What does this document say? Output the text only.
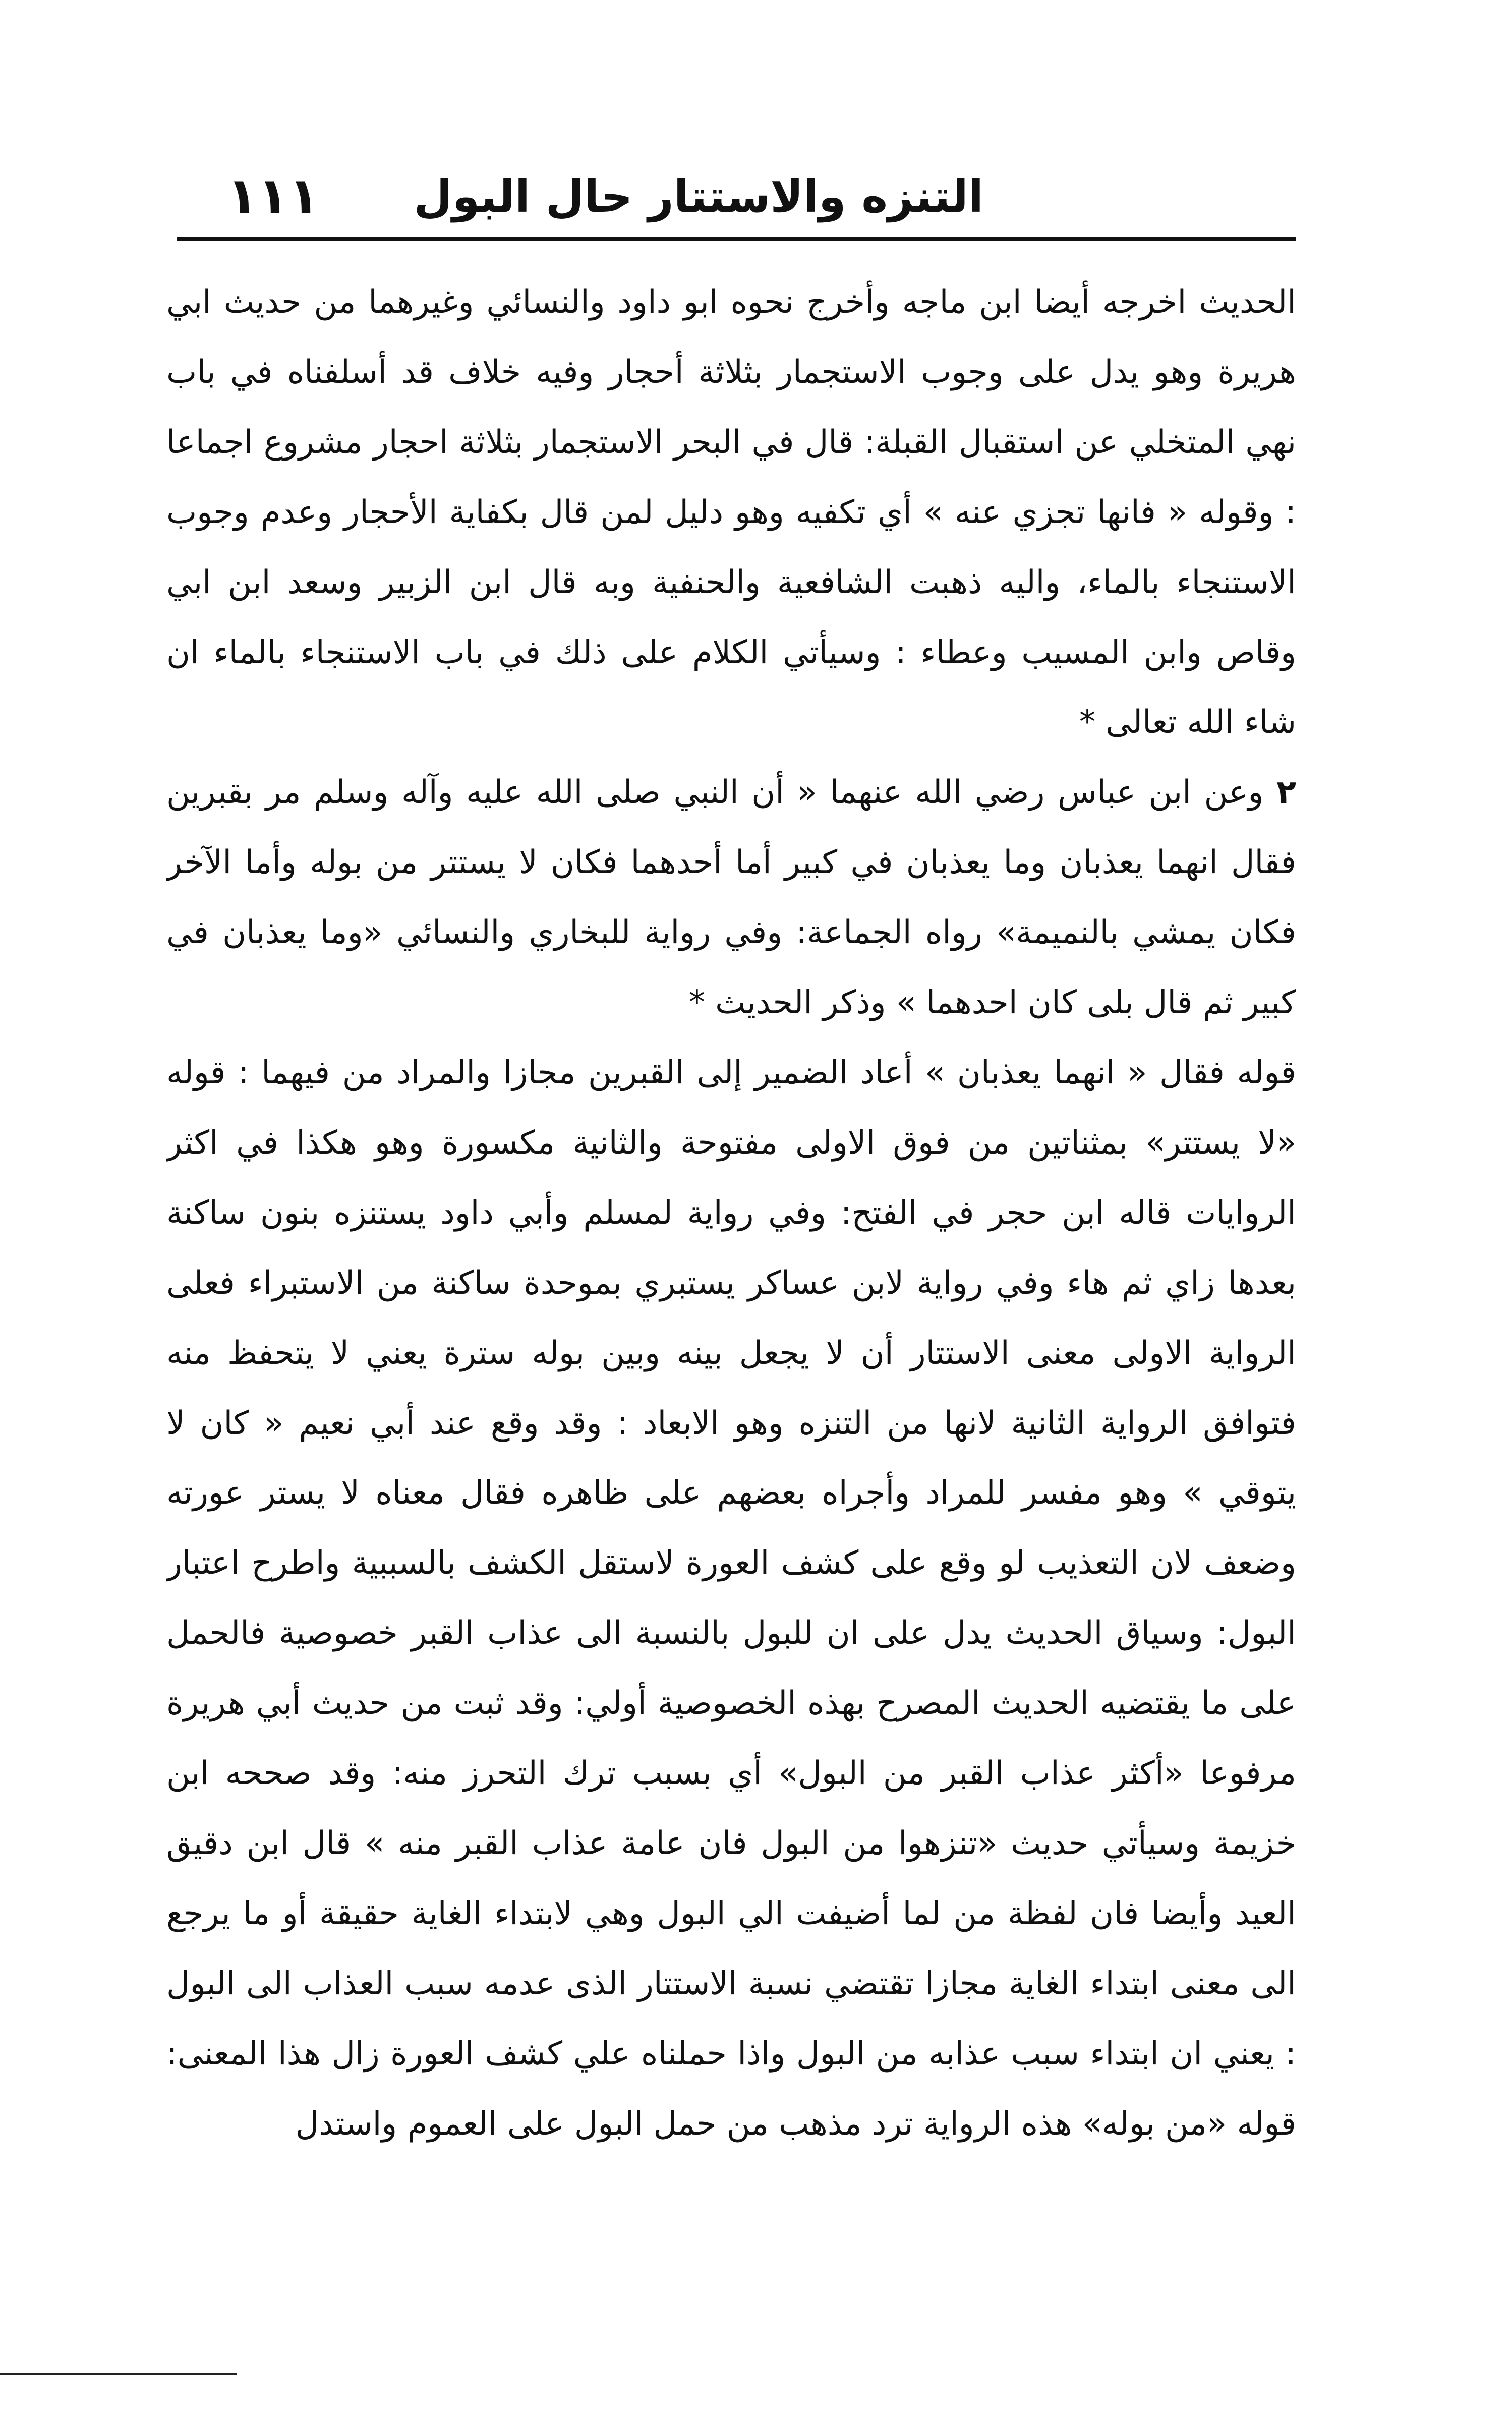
التنزه والاستتار حال البول
١١١

الحديث اخرجه أيضا ابن ماجه وأخرج نحوه ابو داود والنسائي وغيرهما من حديث ابي هريرة وهو يدل على وجوب الاستجمار بثلاثة أحجار وفيه خلاف قد أسلفناه في باب نهي المتخلي عن استقبال القبلة: قال في البحر الاستجمار بثلاثة احجار مشروع اجماعا : وقوله « فانها تجزي عنه » أي تكفيه وهو دليل لمن قال بكفاية الأحجار وعدم وجوب الاستنجاء بالماء، واليه ذهبت الشافعية والحنفية وبه قال ابن الزبير وسعد ابن ابي وقاص وابن المسيب وعطاء : وسيأتي الكلام على ذلك في باب الاستنجاء بالماء ان شاء الله تعالى *

٢ وعن ابن عباس رضي الله عنهما « أن النبي صلى الله عليه وآله وسلم مر بقبرين فقال انهما يعذبان وما يعذبان في كبير أما أحدهما فكان لا يستتر من بوله وأما الآخر فكان يمشي بالنميمة» رواه الجماعة: وفي رواية للبخاري والنسائي «وما يعذبان في كبير ثم قال بلى كان احدهما » وذكر الحديث *

قوله فقال « انهما يعذبان » أعاد الضمير إلى القبرين مجازا والمراد من فيهما : قوله «لا يستتر» بمثناتين من فوق الاولى مفتوحة والثانية مكسورة وهو هكذا في اكثر الروايات قاله ابن حجر في الفتح: وفي رواية لمسلم وأبي داود يستنزه بنون ساكنة بعدها زاي ثم هاء وفي رواية لابن عساكر يستبري بموحدة ساكنة من الاستبراء فعلى الرواية الاولى معنى الاستتار أن لا يجعل بينه وبين بوله سترة يعني لا يتحفظ منه فتوافق الرواية الثانية لانها من التنزه وهو الابعاد : وقد وقع عند أبي نعيم « كان لا يتوقي » وهو مفسر للمراد وأجراه بعضهم على ظاهره فقال معناه لا يستر عورته وضعف لان التعذيب لو وقع على كشف العورة لاستقل الكشف بالسببية واطرح اعتبار البول: وسياق الحديث يدل على ان للبول بالنسبة الى عذاب القبر خصوصية فالحمل على ما يقتضيه الحديث المصرح بهذه الخصوصية أولي: وقد ثبت من حديث أبي هريرة مرفوعا «أكثر عذاب القبر من البول» أي بسبب ترك التحرز منه: وقد صححه ابن خزيمة وسيأتي حديث «تنزهوا من البول فان عامة عذاب القبر منه » قال ابن دقيق العيد وأيضا فان لفظة من لما أضيفت الي البول وهي لابتداء الغاية حقيقة أو ما يرجع الى معنى ابتداء الغاية مجازا تقتضي نسبة الاستتار الذى عدمه سبب العذاب الى البول : يعني ان ابتداء سبب عذابه من البول واذا حملناه علي كشف العورة زال هذا المعنى: قوله «من بوله» هذه الرواية ترد مذهب من حمل البول على العموم واستدل
